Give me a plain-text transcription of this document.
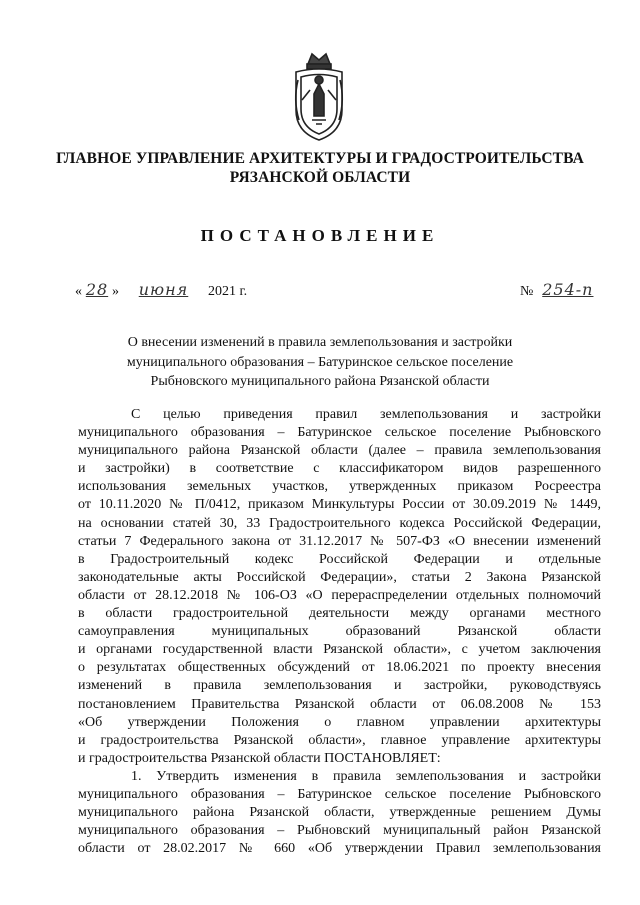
ГЛАВНОЕ УПРАВЛЕНИЕ АРХИТЕКТУРЫ И ГРАДОСТРОИТЕЛЬСТВА
РЯЗАНСКОЙ ОБЛАСТИ
ПОСТАНОВЛЕНИЕ
« 28 » июня 2021 г.	№ 254-п
О внесении изменений в правила землепользования и застройки
муниципального образования – Батуринское сельское поселение
Рыбновского муниципального района Рязанской области
С целью приведения правил землепользования и застройки
муниципального образования – Батуринское сельское поселение Рыбновского
муниципального района Рязанской области (далее – правила землепользования
и застройки) в соответствие с классификатором видов разрешенного
использования земельных участков, утвержденных приказом Росреестра
от 10.11.2020 № П/0412, приказом Минкультуры России от 30.09.2019 № 1449,
на основании статей 30, 33 Градостроительного кодекса Российской Федерации,
статьи 7 Федерального закона от 31.12.2017 № 507-ФЗ «О внесении изменений
в Градостроительный кодекс Российской Федерации и отдельные
законодательные акты Российской Федерации», статьи 2 Закона Рязанской
области от 28.12.2018 № 106-ОЗ «О перераспределении отдельных полномочий
в области градостроительной деятельности между органами местного
самоуправления муниципальных образований Рязанской области
и органами государственной власти Рязанской области», с учетом заключения
о результатах общественных обсуждений от 18.06.2021 по проекту внесения
изменений в правила землепользования и застройки, руководствуясь
постановлением Правительства Рязанской области от 06.08.2008 № 153
«Об утверждении Положения о главном управлении архитектуры
и градостроительства Рязанской области», главное управление архитектуры
и градостроительства Рязанской области ПОСТАНОВЛЯЕТ:
1. Утвердить изменения в правила землепользования и застройки
муниципального образования – Батуринское сельское поселение Рыбновского
муниципального района Рязанской области, утвержденные решением Думы
муниципального образования – Рыбновский муниципальный район Рязанской
области от 28.02.2017 № 660 «Об утверждении Правил землепользования
